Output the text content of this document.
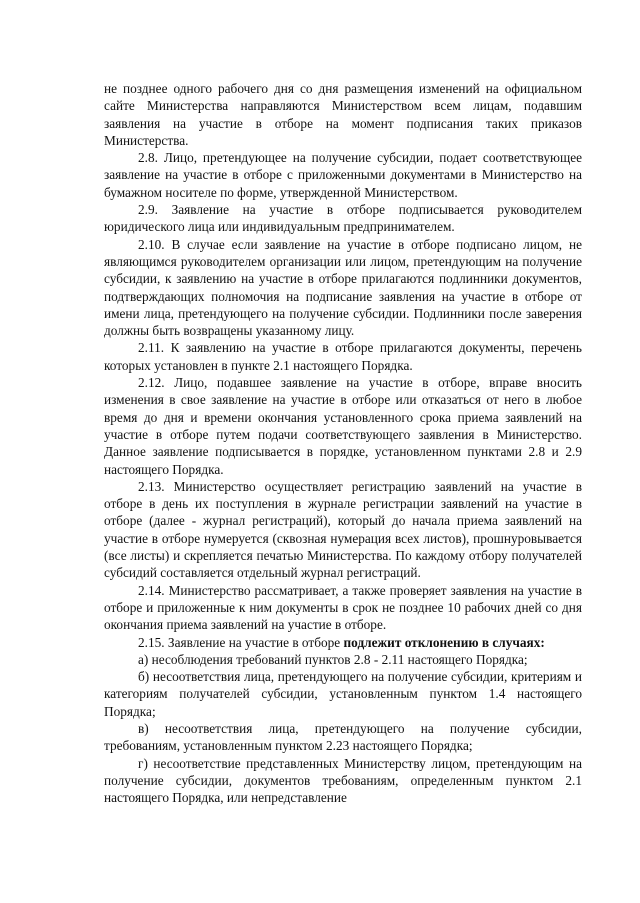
не позднее одного рабочего дня со дня размещения изменений на официальном сайте Министерства направляются Министерством всем лицам, подавшим заявления на участие в отборе на момент подписания таких приказов Министерства.

2.8. Лицо, претендующее на получение субсидии, подает соответствующее заявление на участие в отборе с приложенными документами в Министерство на бумажном носителе по форме, утвержденной Министерством.

2.9. Заявление на участие в отборе подписывается руководителем юридического лица или индивидуальным предпринимателем.

2.10. В случае если заявление на участие в отборе подписано лицом, не являющимся руководителем организации или лицом, претендующим на получение субсидии, к заявлению на участие в отборе прилагаются подлинники документов, подтверждающих полномочия на подписание заявления на участие в отборе от имени лица, претендующего на получение субсидии. Подлинники после заверения должны быть возвращены указанному лицу.

2.11. К заявлению на участие в отборе прилагаются документы, перечень которых установлен в пункте 2.1 настоящего Порядка.

2.12. Лицо, подавшее заявление на участие в отборе, вправе вносить изменения в свое заявление на участие в отборе или отказаться от него в любое время до дня и времени окончания установленного срока приема заявлений на участие в отборе путем подачи соответствующего заявления в Министерство. Данное заявление подписывается в порядке, установленном пунктами 2.8 и 2.9 настоящего Порядка.

2.13. Министерство осуществляет регистрацию заявлений на участие в отборе в день их поступления в журнале регистрации заявлений на участие в отборе (далее - журнал регистраций), который до начала приема заявлений на участие в отборе нумеруется (сквозная нумерация всех листов), прошнуровывается (все листы) и скрепляется печатью Министерства. По каждому отбору получателей субсидий составляется отдельный журнал регистраций.

2.14. Министерство рассматривает, а также проверяет заявления на участие в отборе и приложенные к ним документы в срок не позднее 10 рабочих дней со дня окончания приема заявлений на участие в отборе.

2.15. Заявление на участие в отборе подлежит отклонению в случаях:

а) несоблюдения требований пунктов 2.8 - 2.11 настоящего Порядка;

б) несоответствия лица, претендующего на получение субсидии, критериям и категориям получателей субсидии, установленным пунктом 1.4 настоящего Порядка;

в) несоответствия лица, претендующего на получение субсидии, требованиям, установленным пунктом 2.23 настоящего Порядка;

г) несоответствие представленных Министерству лицом, претендующим на получение субсидии, документов требованиям, определенным пунктом 2.1 настоящего Порядка, или непредставление
